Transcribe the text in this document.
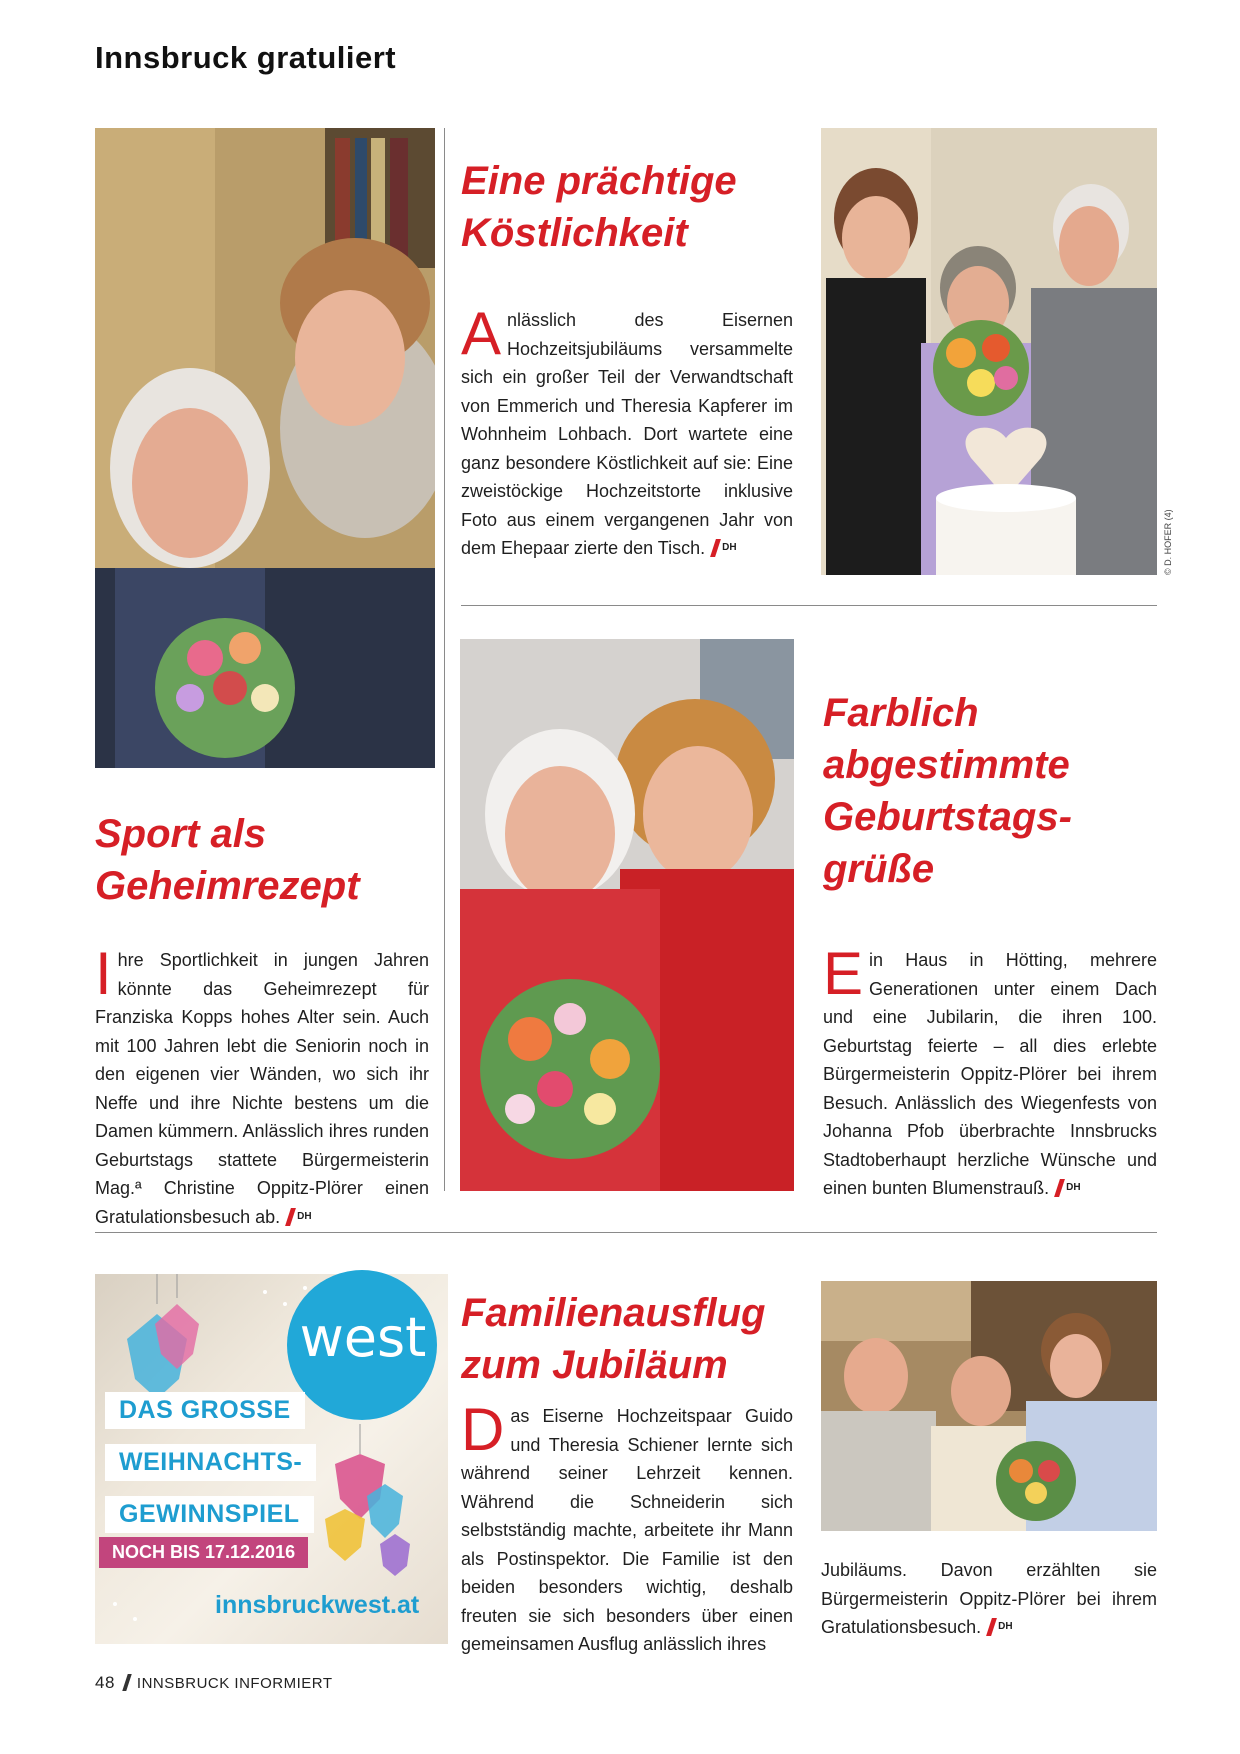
Innsbruck gratuliert
Eine prächtige
Köstlichkeit
Anlässlich des Eisernen Hochzeitsjubiläums versammelte sich ein großer Teil der Verwandtschaft von Emmerich und Theresia Kapferer im Wohnheim Lohbach. Dort wartete eine ganz besondere Köstlichkeit auf sie: Eine zweistöckige Hochzeitstorte inklusive Foto aus einem vergangenen Jahr von dem Ehepaar zierte den Tisch. $^{DH}$	© D. HOFER (4)
Farblich
abgestimmte
Geburtstags-
grüße
Ein Haus in Hötting, mehrere Generationen unter einem Dach und eine Jubilarin, die ihren 100. Geburtstag feierte – all dies erlebte Bürgermeisterin Oppitz-Plörer bei ihrem Besuch. Anlässlich des Wiegenfests von Johanna Pfob überbrachte Innsbrucks Stadtoberhaupt herzliche Wünsche und einen bunten Blumenstrauß. $^{DH}$
Sport als
Geheimrezept
Ihre Sportlichkeit in jungen Jahren könnte das Geheimrezept für Franziska Kopps hohes Alter sein. Auch mit 100 Jahren lebt die Seniorin noch in den eigenen vier Wänden, wo sich ihr Neffe und ihre Nichte bestens um die Damen kümmern. Anlässlich ihres runden Geburtstags stattete Bürgermeisterin Mag.ª Christine Oppitz-Plörer einen Gratulationsbesuch ab. $^{DH}$
west
DAS GROSSE
WEIHNACHTS-
GEWINNSPIEL
NOCH BIS 17.12.2016
innsbruckwest.at
Familienausflug
zum Jubiläum
Das Eiserne Hochzeitspaar Guido und Theresia Schiener lernte sich während seiner Lehrzeit kennen. Während die Schneiderin sich selbstständig machte, arbeitete ihr Mann als Postinspektor. Die Familie ist den beiden besonders wichtig, deshalb freuten sie sich besonders über einen gemeinsamen Ausflug anlässlich ihres
Jubiläums. Davon erzählten sie Bürgermeisterin Oppitz-Plörer bei ihrem Gratulationsbesuch. $^{DH}$
48 INNSBRUCK INFORMIERT
